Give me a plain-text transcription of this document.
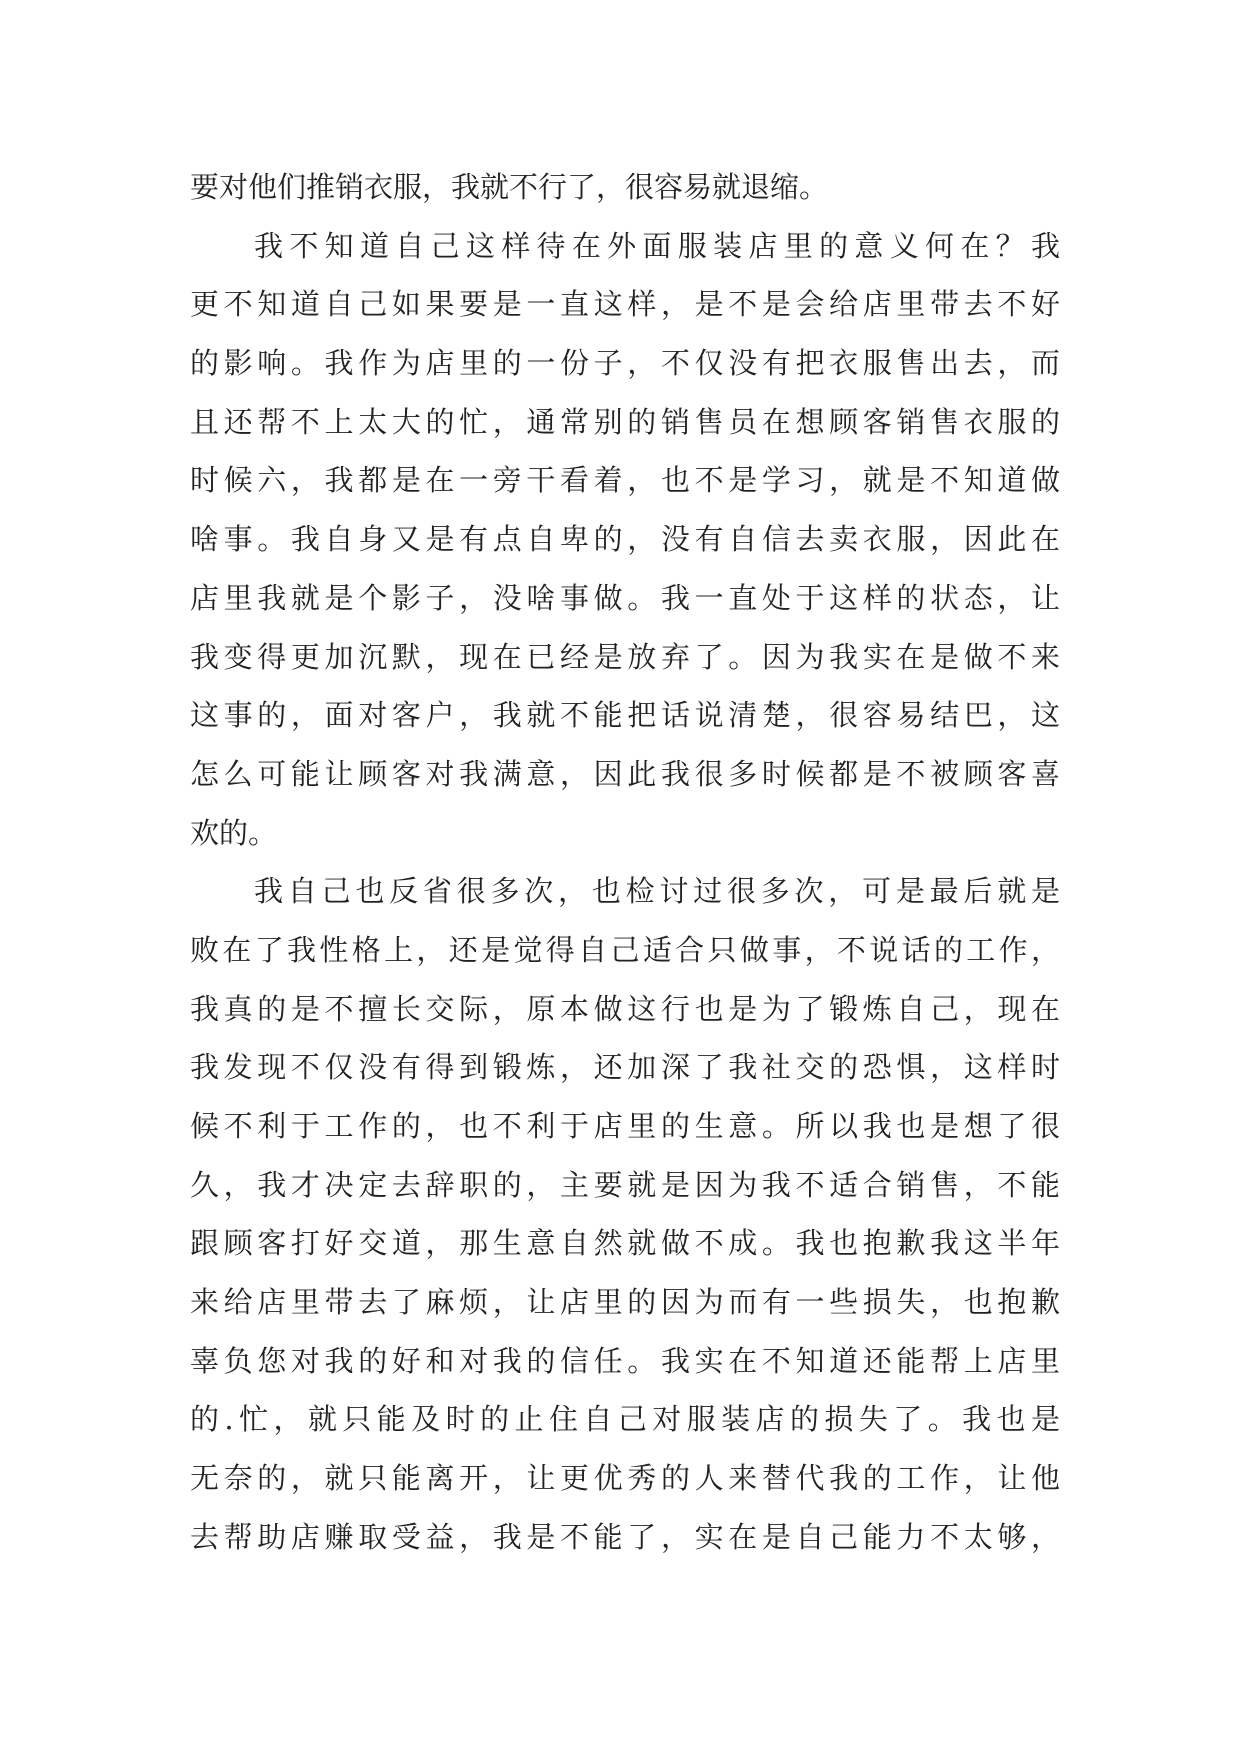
要对他们推销衣服，我就不行了，很容易就退缩。
我不知道自己这样待在外面服装店里的意义何在？我
更不知道自己如果要是一直这样，是不是会给店里带去不好
的影响。我作为店里的一份子，不仅没有把衣服售出去，而
且还帮不上太大的忙，通常别的销售员在想顾客销售衣服的
时候六，我都是在一旁干看着，也不是学习，就是不知道做
啥事。我自身又是有点自卑的，没有自信去卖衣服，因此在
店里我就是个影子，没啥事做。我一直处于这样的状态，让
我变得更加沉默，现在已经是放弃了。因为我实在是做不来
这事的，面对客户，我就不能把话说清楚，很容易结巴，这
怎么可能让顾客对我满意，因此我很多时候都是不被顾客喜
欢的。
我自己也反省很多次，也检讨过很多次，可是最后就是
败在了我性格上，还是觉得自己适合只做事，不说话的工作，
我真的是不擅长交际，原本做这行也是为了锻炼自己，现在
我发现不仅没有得到锻炼，还加深了我社交的恐惧，这样时
候不利于工作的，也不利于店里的生意。所以我也是想了很
久，我才决定去辞职的，主要就是因为我不适合销售，不能
跟顾客打好交道，那生意自然就做不成。我也抱歉我这半年
来给店里带去了麻烦，让店里的因为而有一些损失，也抱歉
辜负您对我的好和对我的信任。我实在不知道还能帮上店里
的.忙，就只能及时的止住自己对服装店的损失了。我也是
无奈的，就只能离开，让更优秀的人来替代我的工作，让他
去帮助店赚取受益，我是不能了，实在是自己能力不太够，
